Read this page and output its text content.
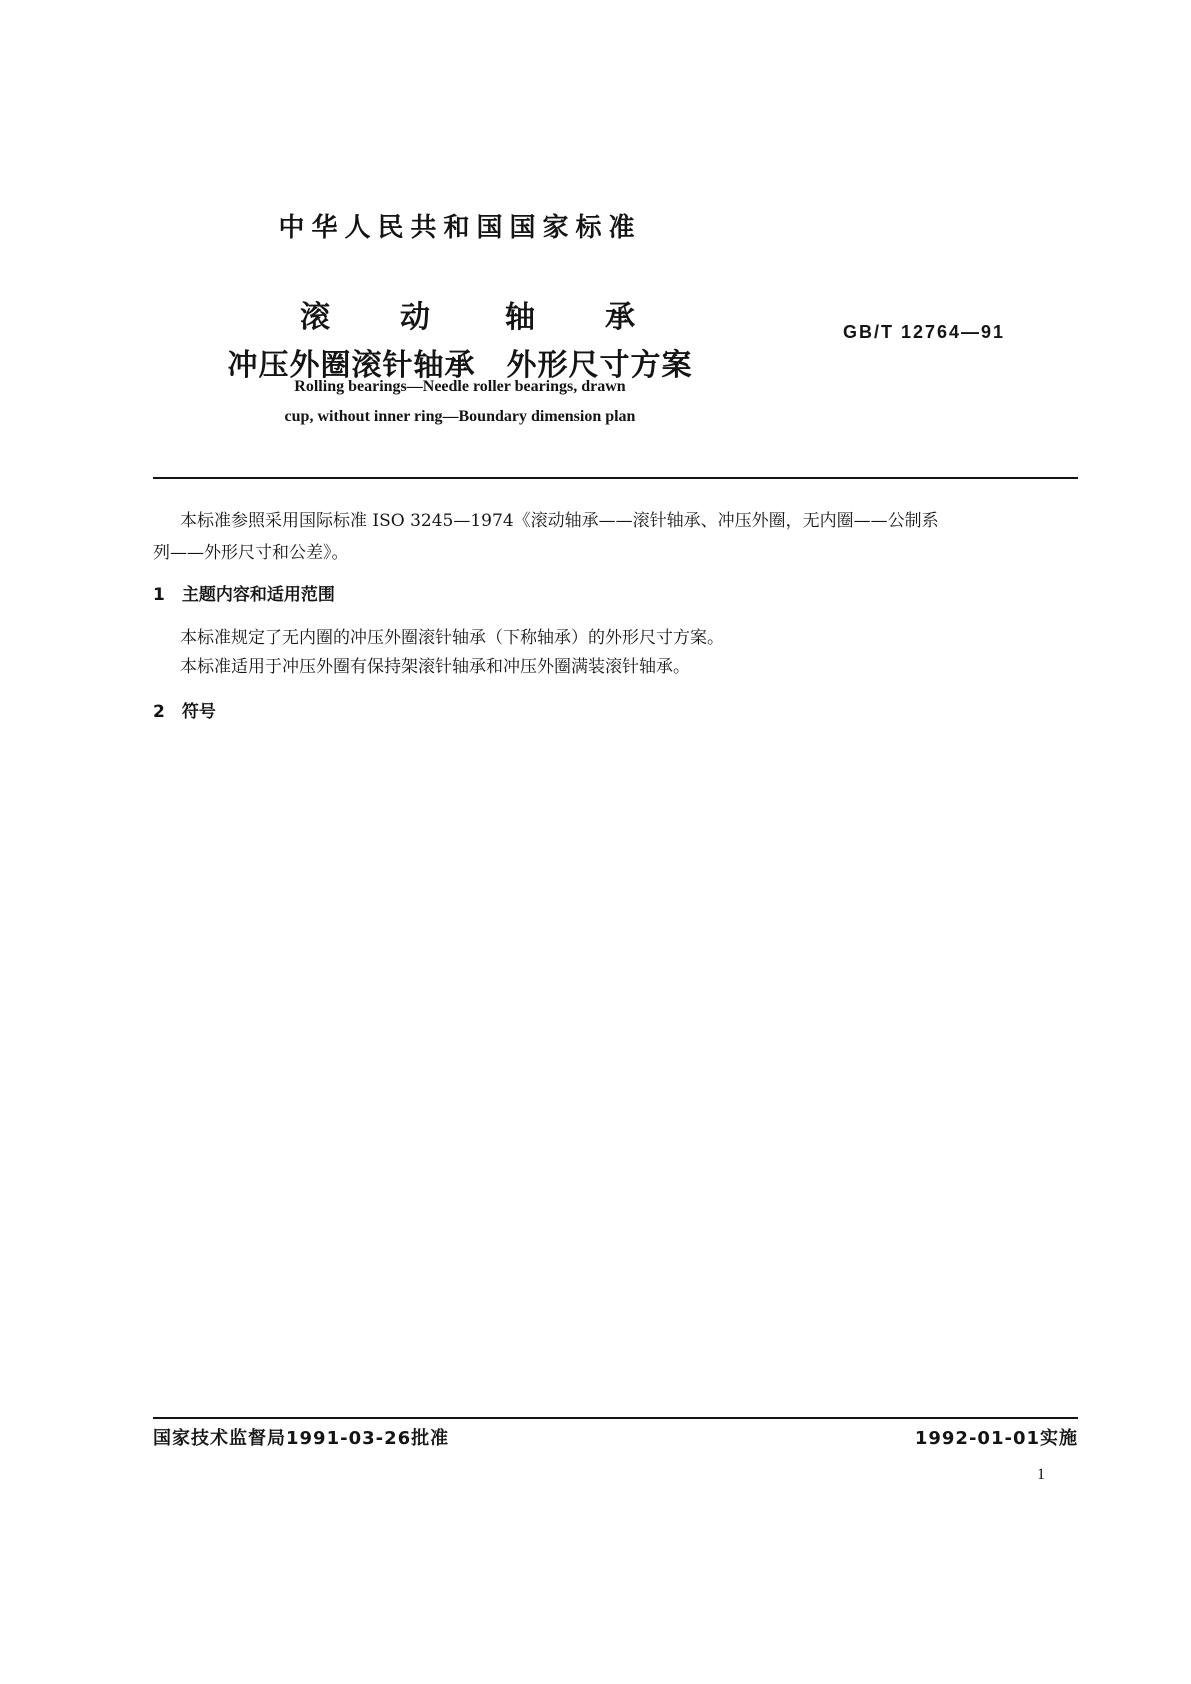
中华人民共和国国家标准
滚 动	轴 承
冲压外圈滚针轴承　外形尺寸方案
GB/T 12764—91
Rolling bearings—Needle roller bearings, drawn
cup, without inner ring—Boundary dimension plan
本标准参照采用国际标准 ISO 3245—1974《滚动轴承——滚针轴承、冲压外圈，无内圈——公制系
列——外形尺寸和公差》。
1　主题内容和适用范围
本标准规定了无内圈的冲压外圈滚针轴承（下称轴承）的外形尺寸方案。
本标准适用于冲压外圈有保持架滚针轴承和冲压外圈满装滚针轴承。
2　符号
国家技术监督局1991-03-26批准	1992-01-01实施
1
